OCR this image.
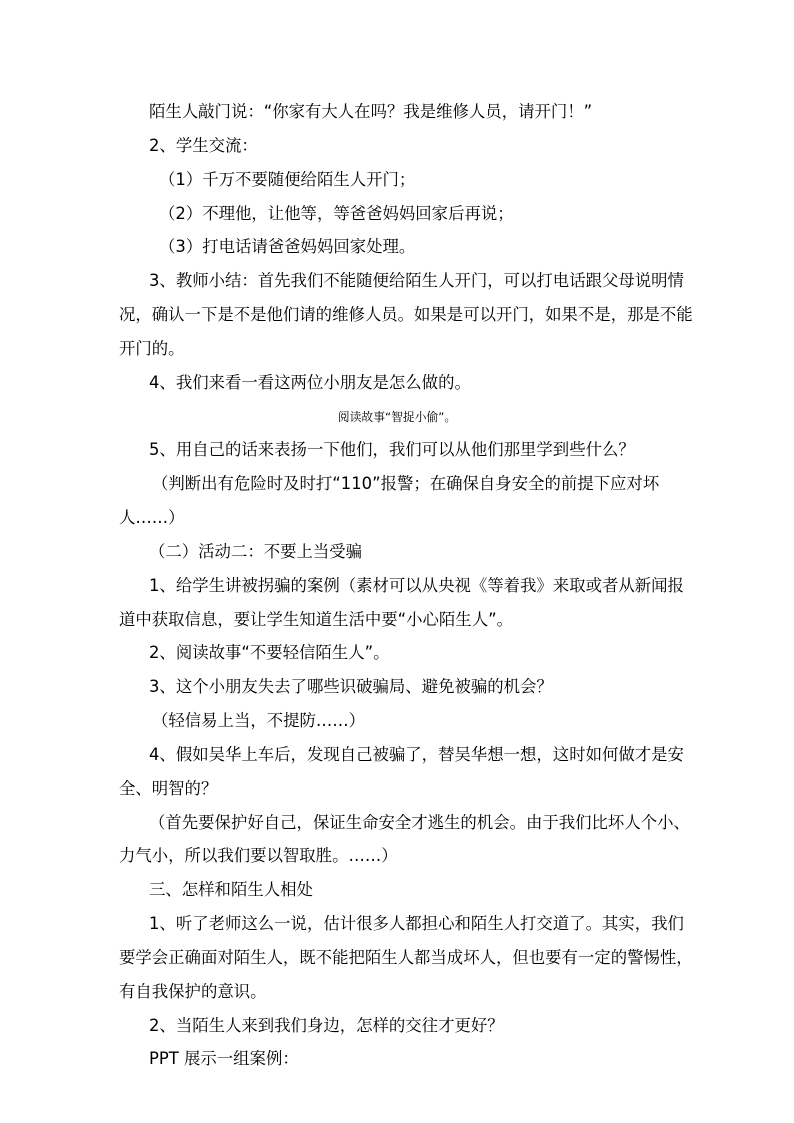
陌生人敲门说：“你家有大人在吗？我是维修人员，请开门！”

2、学生交流：

（1）千万不要随便给陌生人开门；

（2）不理他，让他等，等爸爸妈妈回家后再说；

（3）打电话请爸爸妈妈回家处理。

3、教师小结：首先我们不能随便给陌生人开门，可以打电话跟父母说明情

况，确认一下是不是他们请的维修人员。如果是可以开门，如果不是，那是不能

开门的。

4、我们来看一看这两位小朋友是怎么做的。

阅读故事“智捉小偷”。

5、用自己的话来表扬一下他们，我们可以从他们那里学到些什么？

（判断出有危险时及时打“110”报警；在确保自身安全的前提下应对坏

人……）

（二）活动二：不要上当受骗

1、给学生讲被拐骗的案例（素材可以从央视《等着我》来取或者从新闻报

道中获取信息，要让学生知道生活中要“小心陌生人”。

2、阅读故事“不要轻信陌生人”。

3、这个小朋友失去了哪些识破骗局、避免被骗的机会？

（轻信易上当，不提防……）

4、假如吴华上车后，发现自己被骗了，替吴华想一想，这时如何做才是安

全、明智的？

（首先要保护好自己，保证生命安全才逃生的机会。由于我们比坏人个小、

力气小，所以我们要以智取胜。……）

三、怎样和陌生人相处

1、听了老师这么一说，估计很多人都担心和陌生人打交道了。其实，我们

要学会正确面对陌生人，既不能把陌生人都当成坏人，但也要有一定的警惕性，

有自我保护的意识。

2、当陌生人来到我们身边，怎样的交往才更好？

PPT 展示一组案例：
